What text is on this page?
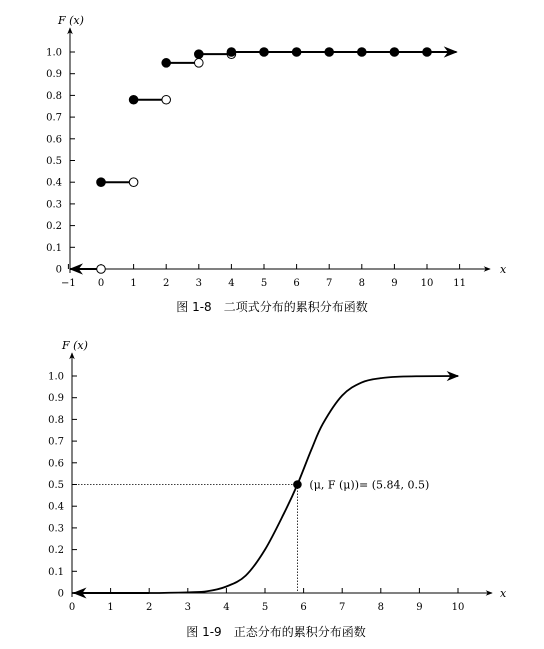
0
0.1
0.2
0.3
0.4
0.5
0.6
0.7
0.8
0.9
1.0
−1 0	1	2	3	4	5	6	7	8	9 10 11
F (x)
x
图 1-8　二项式分布的累积分布函数
0
0.1
0.2
0.3
0.4
0.5
0.6
0.7
0.8
0.9
1.0
0	1	2	3	4	5	6	7	8	9	10
F (x)
x
(μ, F (μ))= (5.84, 0.5)
图 1-9　正态分布的累积分布函数
